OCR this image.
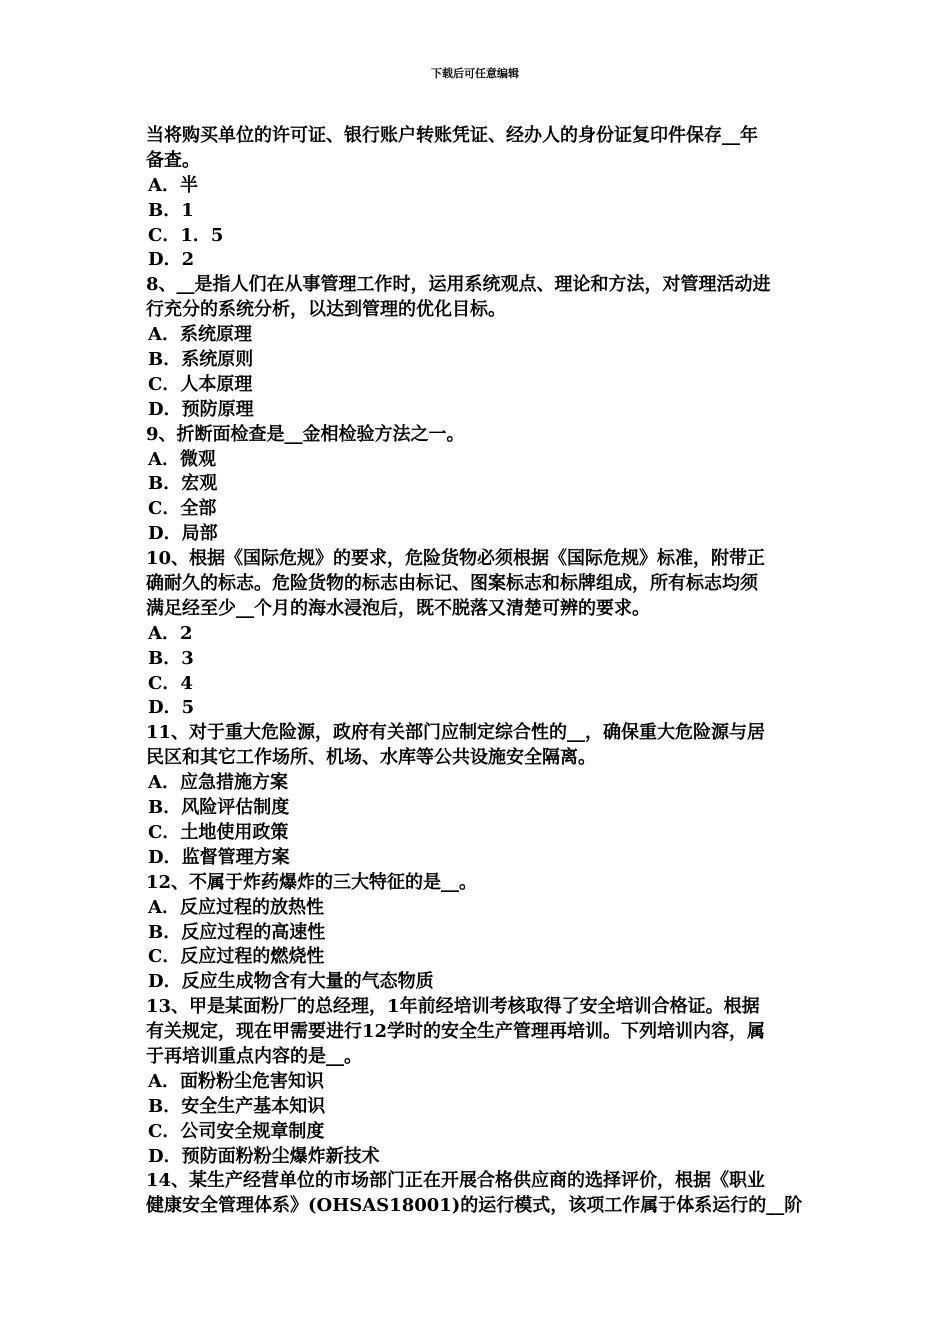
下载后可任意编辑
当将购买单位的许可证、银行账户转账凭证、经办人的身份证复印件保存__年
备查。
A．半
B．1
C．1．5
D．2
8、__是指人们在从事管理工作时，运用系统观点、理论和方法，对管理活动进
行充分的系统分析，以达到管理的优化目标。
A．系统原理
B．系统原则
C．人本原理
D．预防原理
9、折断面检查是__金相检验方法之一。
A．微观
B．宏观
C．全部
D．局部
10、根据《国际危规》的要求，危险货物必须根据《国际危规》标准，附带正
确耐久的标志。危险货物的标志由标记、图案标志和标牌组成，所有标志均须
满足经至少__个月的海水浸泡后，既不脱落又清楚可辨的要求。
A．2
B．3
C．4
D．5
11、对于重大危险源，政府有关部门应制定综合性的__，确保重大危险源与居
民区和其它工作场所、机场、水库等公共设施安全隔离。
A．应急措施方案
B．风险评估制度
C．土地使用政策
D．监督管理方案
12、不属于炸药爆炸的三大特征的是__。
A．反应过程的放热性
B．反应过程的高速性
C．反应过程的燃烧性
D．反应生成物含有大量的气态物质
13、甲是某面粉厂的总经理，1年前经培训考核取得了安全培训合格证。根据
有关规定，现在甲需要进行12学时的安全生产管理再培训。下列培训内容，属
于再培训重点内容的是__。
A．面粉粉尘危害知识
B．安全生产基本知识
C．公司安全规章制度
D．预防面粉粉尘爆炸新技术
14、某生产经营单位的市场部门正在开展合格供应商的选择评价，根据《职业
健康安全管理体系》(OHSAS18001)的运行模式，该项工作属于体系运行的__阶
